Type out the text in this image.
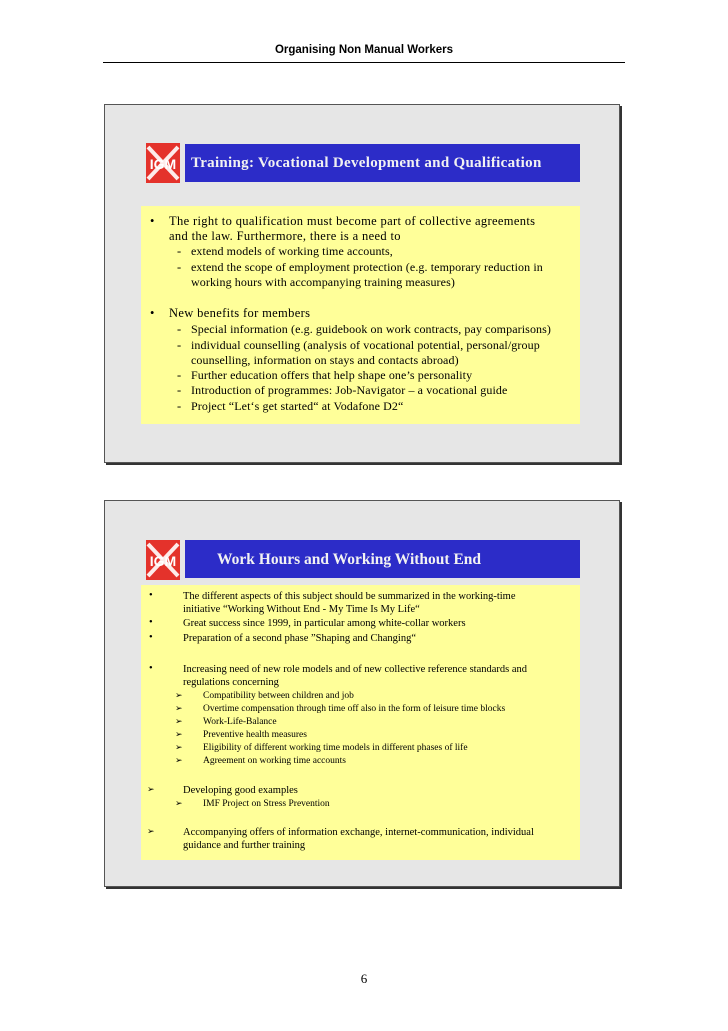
Organising Non Manual Workers
IGM Training: Vocational Development and Qualification
• The right to qualification must become part of collective agreements
and the law. Furthermore, there is a need to
- extend models of working time accounts,
- extend the scope of employment protection (e.g. temporary reduction in
working hours with accompanying training measures)
• New benefits for members
- Special information (e.g. guidebook on work contracts, pay comparisons)
- individual counselling (analysis of vocational potential, personal/group
counselling, information on stays and contacts abroad)
- Further education offers that help shape one’s personality
- Introduction of programmes: Job-Navigator – a vocational guide
- Project “Let‘s get started“ at Vodafone D2“
IGM	Work Hours and Working Without End
•	The different aspects of this subject should be summarized in the working-time
initiative “Working Without End - My Time Is My Life“
•	Great success since 1999, in particular among white-collar workers
•	Preparation of a second phase ”Shaping and Changing“
•	Increasing need of new role models and of new collective reference standards and
regulations concerning
➢ Compatibility between children and job
➢ Overtime compensation through time off also in the form of leisure time blocks
➢ Work-Life-Balance
➢ Preventive health measures
➢ Eligibility of different working time models in different phases of life
➢ Agreement on working time accounts
➢	Developing good examples
➢ IMF Project on Stress Prevention
➢	Accompanying offers of information exchange, internet-communication, individual
guidance and further training
6
